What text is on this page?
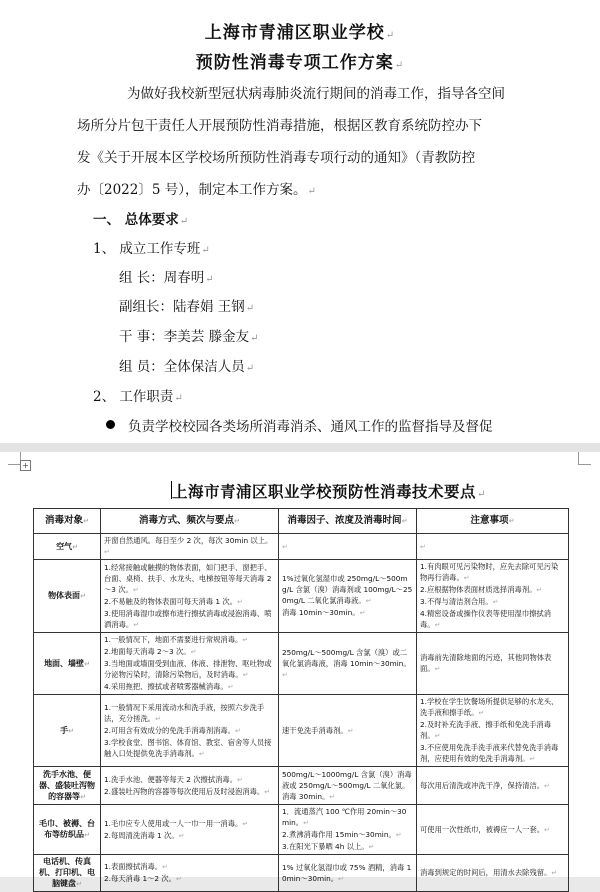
上海市青浦区职业学校↵
预防性消毒专项工作方案↵
为做好我校新型冠状病毒肺炎流行期间的消毒工作，指导各空间
场所分片包干责任人开展预防性消毒措施，根据区教育系统防控办下
发《关于开展本区学校场所预防性消毒专项行动的通知》（青教防控
办〔2022〕5 号），制定本工作方案。↵
一、 总体要求↵
1、 成立工作专班↵
组 长：周春明↵
副组长：陆春娟 王钢↵
干 事：李美芸 滕金友↵
组 员：全体保洁人员↵
2、 工作职责↵
负责学校校园各类场所消毒消杀、通风工作的监督指导及督促
+
上海市青浦区职业学校预防性消毒技术要点↵
消毒对象↵	消毒方式、频次与要点↵	消毒因子、浓度及消毒时间↵	注意事项↵
空气↵	开窗自然通风。每日至少 2 次，每次 30min 以上。↵	↵	↵
物体表面↵	1.经常接触或触摸的物体表面，如门把手、窗把手、台面、桌椅、扶手、水龙头、电梯按钮等每天消毒 2～3 次。↵
2.不易触及的物体表面可每天消毒 1 次。↵
3.使用消毒湿巾或擦布进行擦拭消毒或浸泡消毒、喷洒消毒。↵	1%过氧化氢湿巾或 250mg/L～500mg/L 含氯（溴）消毒剂或 100mg/L～250mg/L 二氧化氯消毒液。↵
消毒 10min～30min。↵	1.有肉眼可见污染物时，应先去除可见污染物再行消毒。↵
2.应根据物体表面材质选择消毒剂。↵
3.不得与清洁剂合用。↵
4.精密设备或操作仪表等使用湿巾擦拭消毒。↵
地面、墙壁↵	1.一般情况下，地面不需要进行常规消毒。↵
2.地面每天消毒 2～3 次。↵
3.当地面或墙面受到血液、体液、排泄物、呕吐物或分泌物污染时，清除污染物后，及时消毒。↵
4.采用拖把、擦拭或者喷雾器械消毒。↵	250mg/L～500mg/L 含氯（溴）或二氧化氯消毒液，消毒 10min～30min。↵	消毒前先清除地面的污迹，其他同物体表面。↵
手↵	1.一般情况下采用流动水和洗手液，按照六步洗手法，充分搓洗。↵
2.可用含有效成分的免洗手消毒剂消毒。↵
3.学校食堂、图书馆、体育馆、教室、宿舍等人员接触入口处提供免洗手消毒剂。↵	速干免洗手消毒剂。↵	1.学校在学生饮餐场所提供足够的水龙头、洗手液和擦手纸。↵
2.及时补充洗手液、擦手纸和免洗手消毒剂。↵
3.不应使用免洗手洗手液来代替免洗手消毒剂，应使用有效的免洗手消毒剂。↵
洗手水池、便器、盛装吐泻物的容器等↵	1.洗手水池、便器等每天 2 次擦拭消毒。↵
2.盛装吐泻物的容器等每次使用后及时浸泡消毒。↵	500mg/L～1000mg/L 含氯（溴）消毒液或 250mg/L～500mg/L 二氧化氯。消毒 30min。↵	每次用后清洗或冲洗干净，保持清洁。↵
毛巾、被褥、台布等纺织品↵	1.毛巾应专人使用或一人一巾一用一消毒。↵
2.每周清洗消毒 1 次。↵	1．流通蒸汽 100 ℃作用 20min～30min。↵
2.煮沸消毒作用 15min～30min。↵
3.在阳光下暴晒 4h 以上。↵	可使用一次性纸巾，被褥应一人一套。↵
电话机、传真机、打印机、电脑键盘↵	1.表面擦拭消毒。↵
2.每天消毒 1～2 次。↵	1% 过氧化氢湿巾或 75% 酒精，消毒 10min～30min。↵	消毒到规定的时间后，用清水去除残留。↵
